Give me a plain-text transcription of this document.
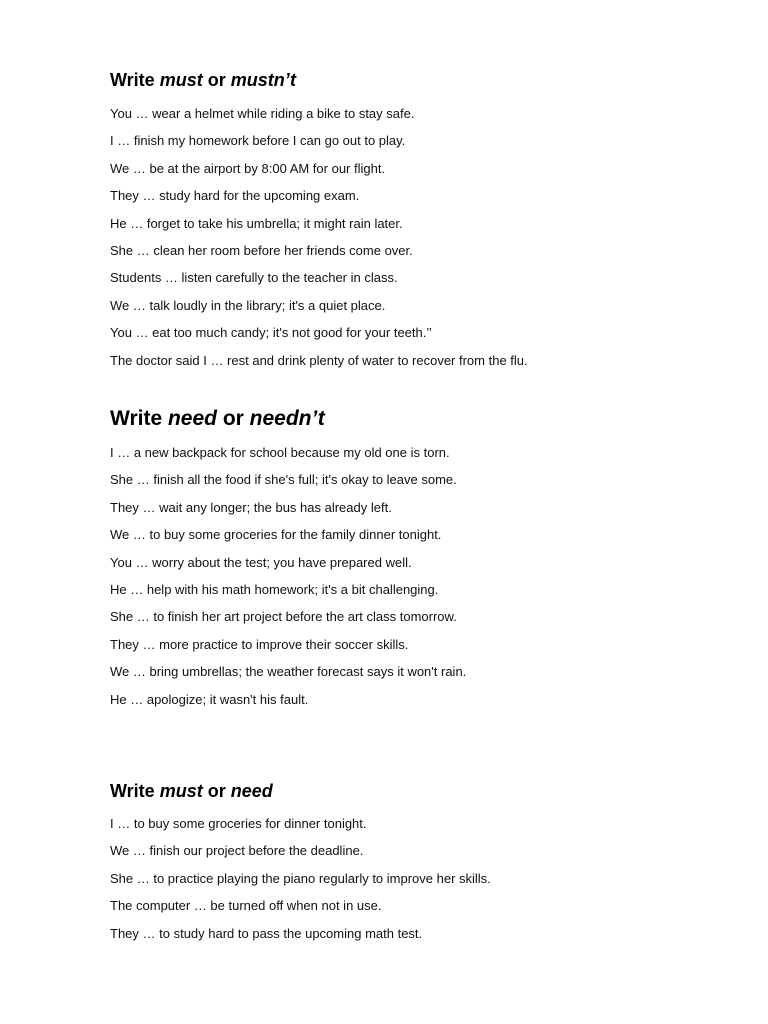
Write must or mustn’t
You … wear a helmet while riding a bike to stay safe.
I … finish my homework before I can go out to play.
We … be at the airport by 8:00 AM for our flight.
They … study hard for the upcoming exam.
He … forget to take his umbrella; it might rain later.
She … clean her room before her friends come over.
Students … listen carefully to the teacher in class.
We … talk loudly in the library; it's a quiet place.
You … eat too much candy; it's not good for your teeth.’’
The doctor said I … rest and drink plenty of water to recover from the flu.
Write need or needn’t
I … a new backpack for school because my old one is torn.
She … finish all the food if she's full; it's okay to leave some.
They … wait any longer; the bus has already left.
We … to buy some groceries for the family dinner tonight.
You … worry about the test; you have prepared well.
He … help with his math homework; it's a bit challenging.
She … to finish her art project before the art class tomorrow.
They … more practice to improve their soccer skills.
We … bring umbrellas; the weather forecast says it won't rain.
He … apologize; it wasn't his fault.
Write must or need
I … to buy some groceries for dinner tonight.
We … finish our project before the deadline.
She … to practice playing the piano regularly to improve her skills.
The computer … be turned off when not in use.
They … to study hard to pass the upcoming math test.
